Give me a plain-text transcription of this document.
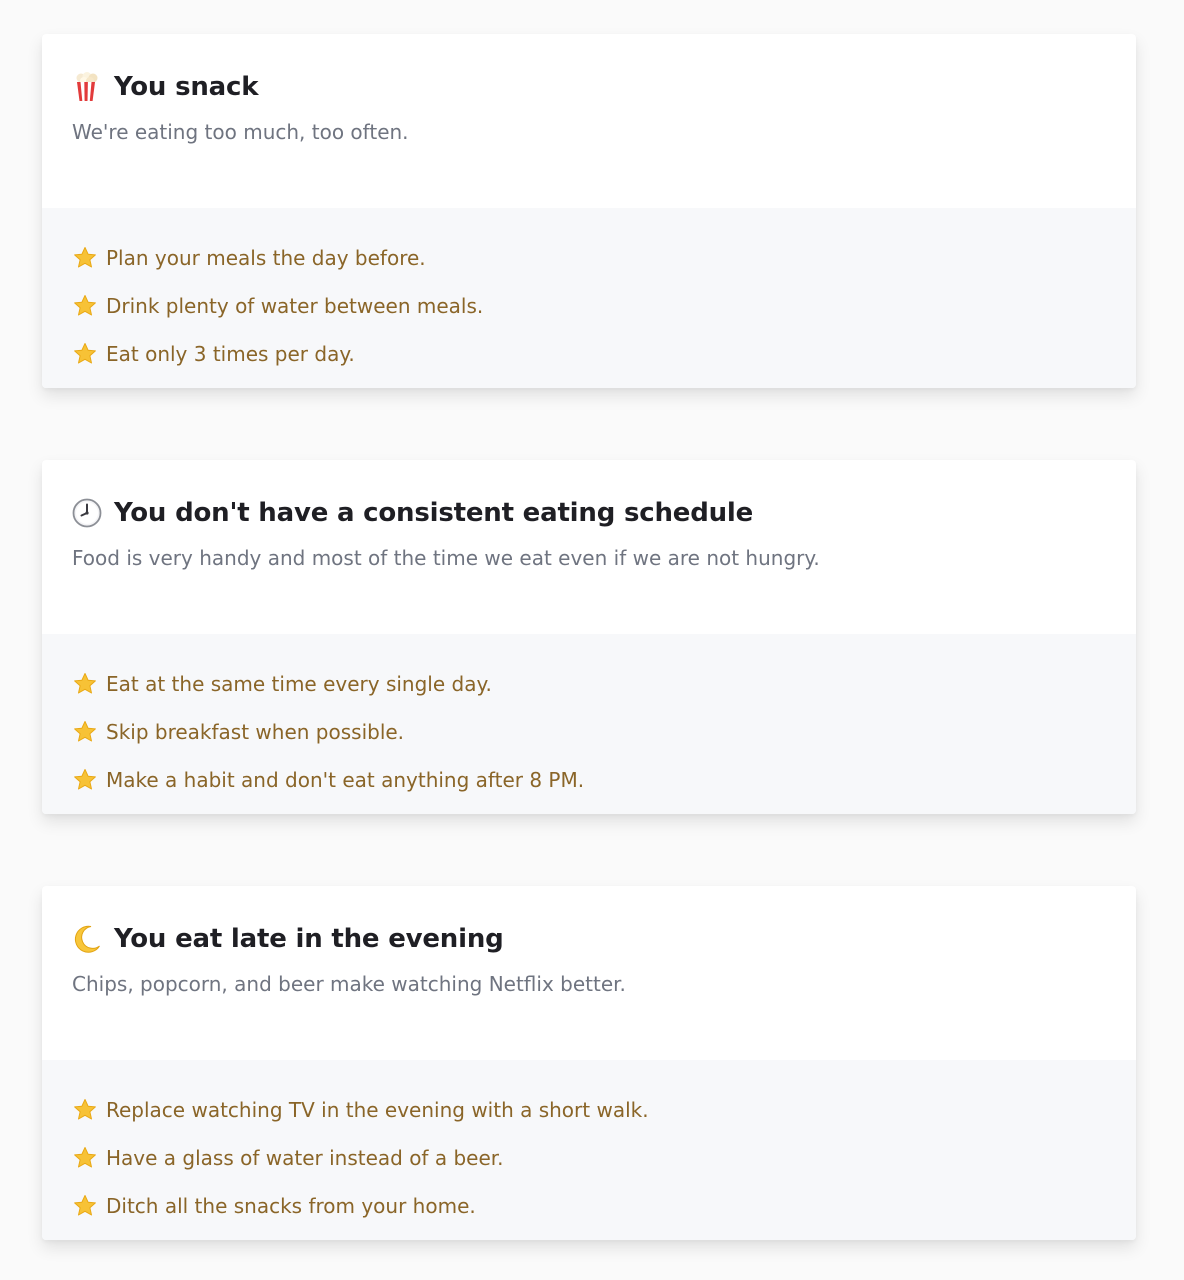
You snack
We're eating too much, too often.
Plan your meals the day before.
Drink plenty of water between meals.
Eat only 3 times per day.
You don't have a consistent eating schedule
Food is very handy and most of the time we eat even if we are not hungry.
Eat at the same time every single day.
Skip breakfast when possible.
Make a habit and don't eat anything after 8 PM.
You eat late in the evening
Chips, popcorn, and beer make watching Netflix better.
Replace watching TV in the evening with a short walk.
Have a glass of water instead of a beer.
Ditch all the snacks from your home.
